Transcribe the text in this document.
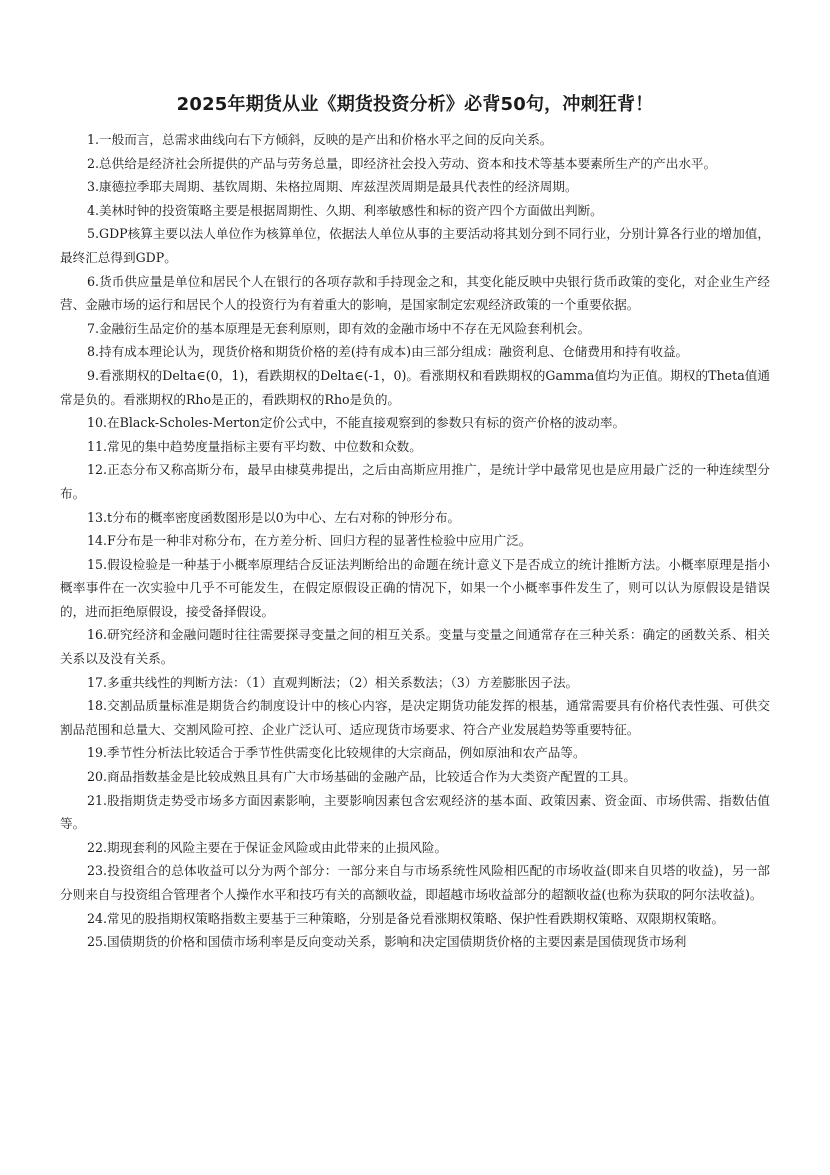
2025年期货从业《期货投资分析》必背50句，冲刺狂背！

1.一般而言，总需求曲线向右下方倾斜，反映的是产出和价格水平之间的反向关系。

2.总供给是经济社会所提供的产品与劳务总量，即经济社会投入劳动、资本和技术等基本要素所生产的产出水平。

3.康德拉季耶夫周期、基钦周期、朱格拉周期、库兹涅茨周期是最具代表性的经济周期。

4.美林时钟的投资策略主要是根据周期性、久期、利率敏感性和标的资产四个方面做出判断。

5.GDP核算主要以法人单位作为核算单位，依据法人单位从事的主要活动将其划分到不同行业，分别计算各行业的增加值，最终汇总得到GDP。

6.货币供应量是单位和居民个人在银行的各项存款和手持现金之和，其变化能反映中央银行货币政策的变化，对企业生产经营、金融市场的运行和居民个人的投资行为有着重大的影响，是国家制定宏观经济政策的一个重要依据。

7.金融衍生品定价的基本原理是无套利原则，即有效的金融市场中不存在无风险套利机会。

8.持有成本理论认为，现货价格和期货价格的差(持有成本)由三部分组成：融资利息、仓储费用和持有收益。

9.看涨期权的Delta∈(0，1)，看跌期权的Delta∈(-1，0)。看涨期权和看跌期权的Gamma值均为正值。期权的Theta值通常是负的。看涨期权的Rho是正的，看跌期权的Rho是负的。

10.在Black-Scholes-Merton定价公式中，不能直接观察到的参数只有标的资产价格的波动率。

11.常见的集中趋势度量指标主要有平均数、中位数和众数。

12.正态分布又称高斯分布，最早由棣莫弗提出，之后由高斯应用推广，是统计学中最常见也是应用最广泛的一种连续型分布。

13.t分布的概率密度函数图形是以0为中心、左右对称的钟形分布。

14.F分布是一种非对称分布，在方差分析、回归方程的显著性检验中应用广泛。

15.假设检验是一种基于小概率原理结合反证法判断给出的命题在统计意义下是否成立的统计推断方法。小概率原理是指小概率事件在一次实验中几乎不可能发生，在假定原假设正确的情况下，如果一个小概率事件发生了，则可以认为原假设是错误的，进而拒绝原假设，接受备择假设。

16.研究经济和金融问题时往往需要探寻变量之间的相互关系。变量与变量之间通常存在三种关系：确定的函数关系、相关关系以及没有关系。

17.多重共线性的判断方法：（1）直观判断法；（2）相关系数法；（3）方差膨胀因子法。

18.交割品质量标准是期货合约制度设计中的核心内容，是决定期货功能发挥的根基，通常需要具有价格代表性强、可供交割品范围和总量大、交割风险可控、企业广泛认可、适应现货市场要求、符合产业发展趋势等重要特征。

19.季节性分析法比较适合于季节性供需变化比较规律的大宗商品，例如原油和农产品等。

20.商品指数基金是比较成熟且具有广大市场基础的金融产品，比较适合作为大类资产配置的工具。

21.股指期货走势受市场多方面因素影响，主要影响因素包含宏观经济的基本面、政策因素、资金面、市场供需、指数估值等。

22.期现套利的风险主要在于保证金风险或由此带来的止损风险。

23.投资组合的总体收益可以分为两个部分：一部分来自与市场系统性风险相匹配的市场收益(即来自贝塔的收益)，另一部分则来自与投资组合管理者个人操作水平和技巧有关的高额收益，即超越市场收益部分的超额收益(也称为获取的阿尔法收益)。

24.常见的股指期权策略指数主要基于三种策略，分别是备兑看涨期权策略、保护性看跌期权策略、双限期权策略。

25.国债期货的价格和国债市场利率是反向变动关系，影响和决定国债期货价格的主要因素是国债现货市场利
